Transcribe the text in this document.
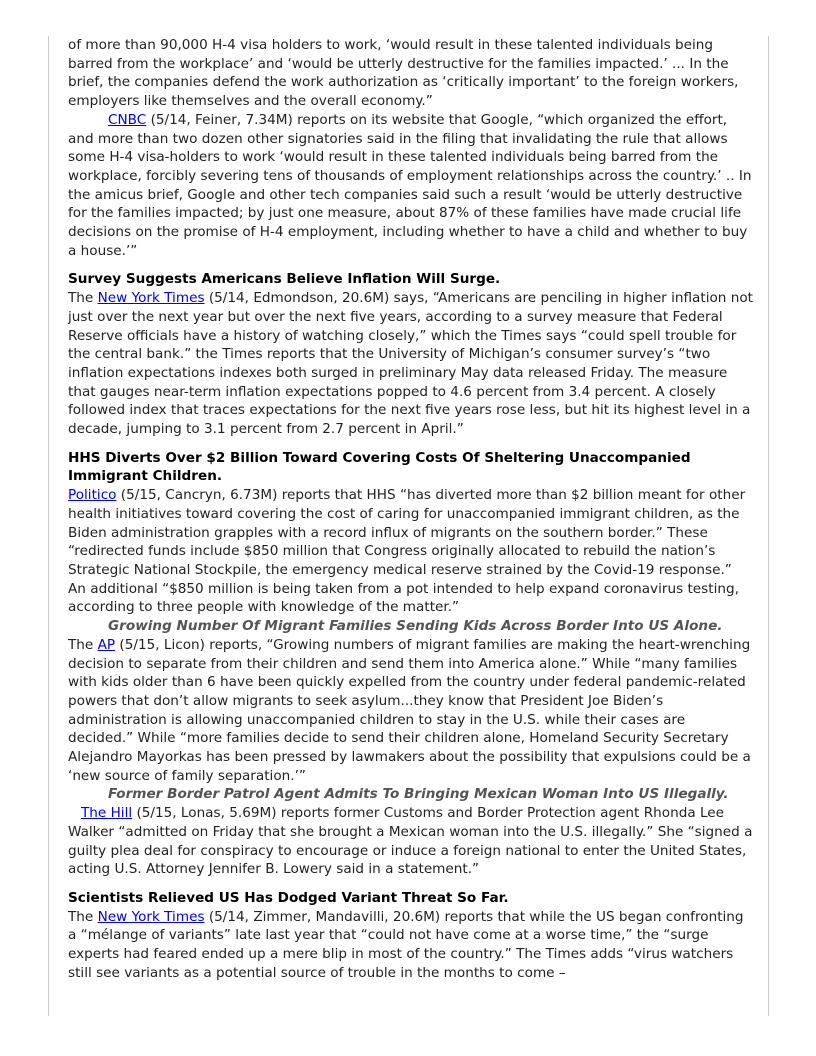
of more than 90,000 H-4 visa holders to work, ‘would result in these talented individuals being barred from the workplace’ and ‘would be utterly destructive for the families impacted.’ ... In the brief, the companies defend the work authorization as ‘critically important’ to the foreign workers, employers like themselves and the overall economy.”

CNBC (5/14, Feiner, 7.34M) reports on its website that Google, “which organized the effort, and more than two dozen other signatories said in the filing that invalidating the rule that allows some H-4 visa-holders to work ‘would result in these talented individuals being barred from the workplace, forcibly severing tens of thousands of employment relationships across the country.’ .. In the amicus brief, Google and other tech companies said such a result ‘would be utterly destructive for the families impacted; by just one measure, about 87% of these families have made crucial life decisions on the promise of H-4 employment, including whether to have a child and whether to buy a house.’”

Survey Suggests Americans Believe Inflation Will Surge.

The New York Times (5/14, Edmondson, 20.6M) says, “Americans are penciling in higher inflation not just over the next year but over the next five years, according to a survey measure that Federal Reserve officials have a history of watching closely,” which the Times says “could spell trouble for the central bank.” the Times reports that the University of Michigan’s consumer survey’s “two inflation expectations indexes both surged in preliminary May data released Friday. The measure that gauges near-term inflation expectations popped to 4.6 percent from 3.4 percent. A closely followed index that traces expectations for the next five years rose less, but hit its highest level in a decade, jumping to 3.1 percent from 2.7 percent in April.”

HHS Diverts Over $2 Billion Toward Covering Costs Of Sheltering Unaccompanied Immigrant Children.

Politico (5/15, Cancryn, 6.73M) reports that HHS “has diverted more than $2 billion meant for other health initiatives toward covering the cost of caring for unaccompanied immigrant children, as the Biden administration grapples with a record influx of migrants on the southern border.” These “redirected funds include $850 million that Congress originally allocated to rebuild the nation’s Strategic National Stockpile, the emergency medical reserve strained by the Covid-19 response.” An additional “$850 million is being taken from a pot intended to help expand coronavirus testing, according to three people with knowledge of the matter.”

Growing Number Of Migrant Families Sending Kids Across Border Into US Alone.

The AP (5/15, Licon) reports, “Growing numbers of migrant families are making the heart-wrenching decision to separate from their children and send them into America alone.” While “many families with kids older than 6 have been quickly expelled from the country under federal pandemic-related powers that don’t allow migrants to seek asylum...they know that President Joe Biden’s administration is allowing unaccompanied children to stay in the U.S. while their cases are decided.” While “more families decide to send their children alone, Homeland Security Secretary Alejandro Mayorkas has been pressed by lawmakers about the possibility that expulsions could be a ‘new source of family separation.’”

Former Border Patrol Agent Admits To Bringing Mexican Woman Into US Illegally.   The Hill (5/15, Lonas, 5.69M) reports former Customs and Border Protection agent Rhonda Lee Walker “admitted on Friday that she brought a Mexican woman into the U.S. illegally.” She “signed a guilty plea deal for conspiracy to encourage or induce a foreign national to enter the United States, acting U.S. Attorney Jennifer B. Lowery said in a statement.”

Scientists Relieved US Has Dodged Variant Threat So Far.

The New York Times (5/14, Zimmer, Mandavilli, 20.6M) reports that while the US began confronting a “mélange of variants” late last year that “could not have come at a worse time,” the “surge experts had feared ended up a mere blip in most of the country.” The Times adds “virus watchers still see variants as a potential source of trouble in the months to come –
